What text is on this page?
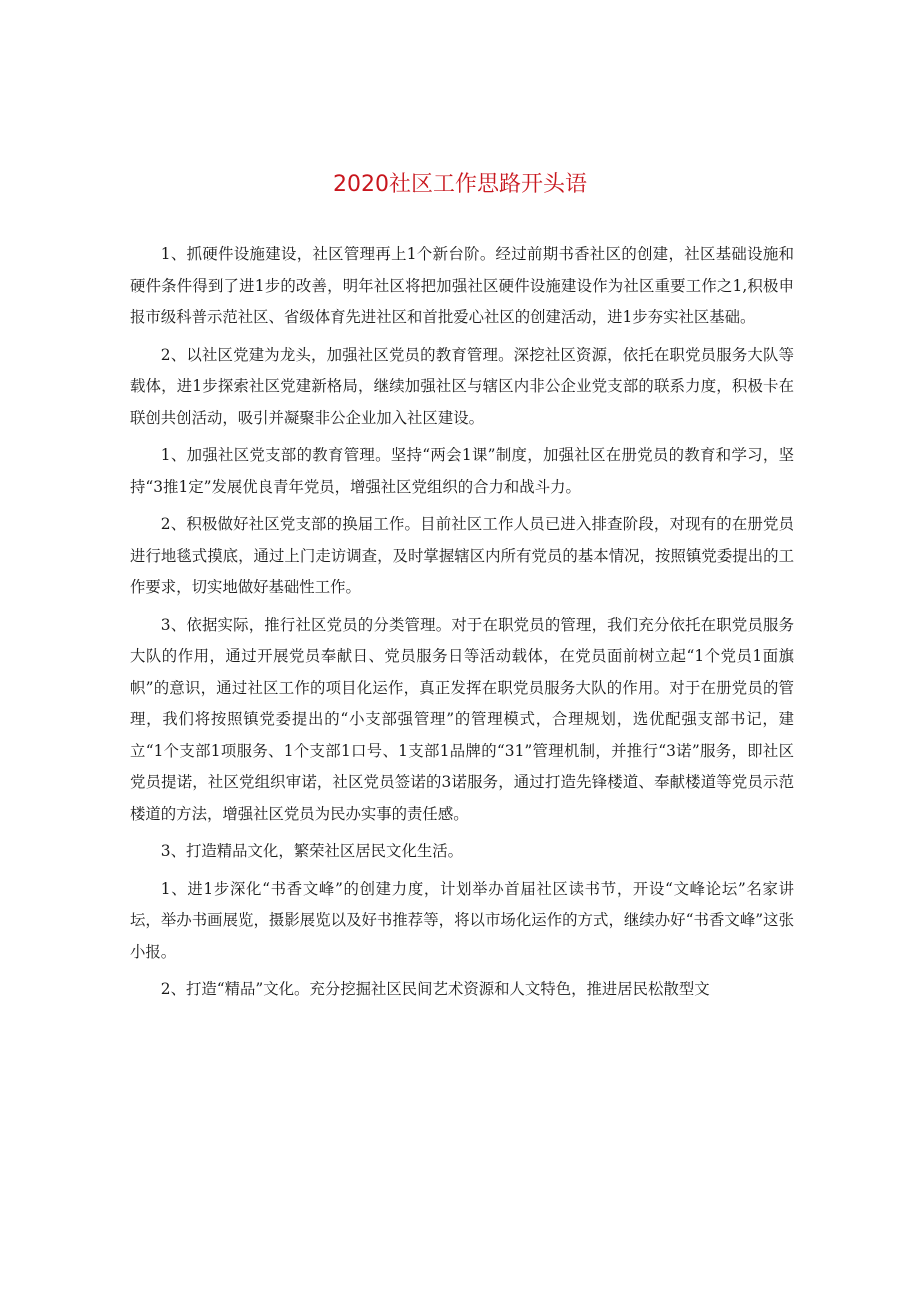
2020社区工作思路开头语

1、抓硬件设施建设，社区管理再上1个新台阶。经过前期书香社区的创建，社区基础设施和硬件条件得到了进1步的改善，明年社区将把加强社区硬件设施建设作为社区重要工作之1,积极申报市级科普示范社区、省级体育先进社区和首批爱心社区的创建活动，进1步夯实社区基础。

2、以社区党建为龙头，加强社区党员的教育管理。深挖社区资源，依托在职党员服务大队等载体，进1步探索社区党建新格局，继续加强社区与辖区内非公企业党支部的联系力度，积极卡在联创共创活动，吸引并凝聚非公企业加入社区建设。

1、加强社区党支部的教育管理。坚持“两会1课”制度，加强社区在册党员的教育和学习，坚持“3推1定”发展优良青年党员，增强社区党组织的合力和战斗力。

2、积极做好社区党支部的换届工作。目前社区工作人员已进入排查阶段，对现有的在册党员进行地毯式摸底，通过上门走访调查，及时掌握辖区内所有党员的基本情况，按照镇党委提出的工作要求，切实地做好基础性工作。

3、依据实际，推行社区党员的分类管理。对于在职党员的管理，我们充分依托在职党员服务大队的作用，通过开展党员奉献日、党员服务日等活动载体，在党员面前树立起“1个党员1面旗帜”的意识，通过社区工作的项目化运作，真正发挥在职党员服务大队的作用。对于在册党员的管理，我们将按照镇党委提出的“小支部强管理”的管理模式，合理规划，选优配强支部书记，建立“1个支部1项服务、1个支部1口号、1支部1品牌的“31”管理机制，并推行“3诺”服务，即社区党员提诺，社区党组织审诺，社区党员签诺的3诺服务，通过打造先锋楼道、奉献楼道等党员示范楼道的方法，增强社区党员为民办实事的责任感。

3、打造精品文化，繁荣社区居民文化生活。

1、进1步深化“书香文峰”的创建力度，计划举办首届社区读书节，开设“文峰论坛”名家讲坛，举办书画展览，摄影展览以及好书推荐等，将以市场化运作的方式，继续办好“书香文峰”这张小报。

2、打造“精品”文化。充分挖掘社区民间艺术资源和人文特色，推进居民松散型文
